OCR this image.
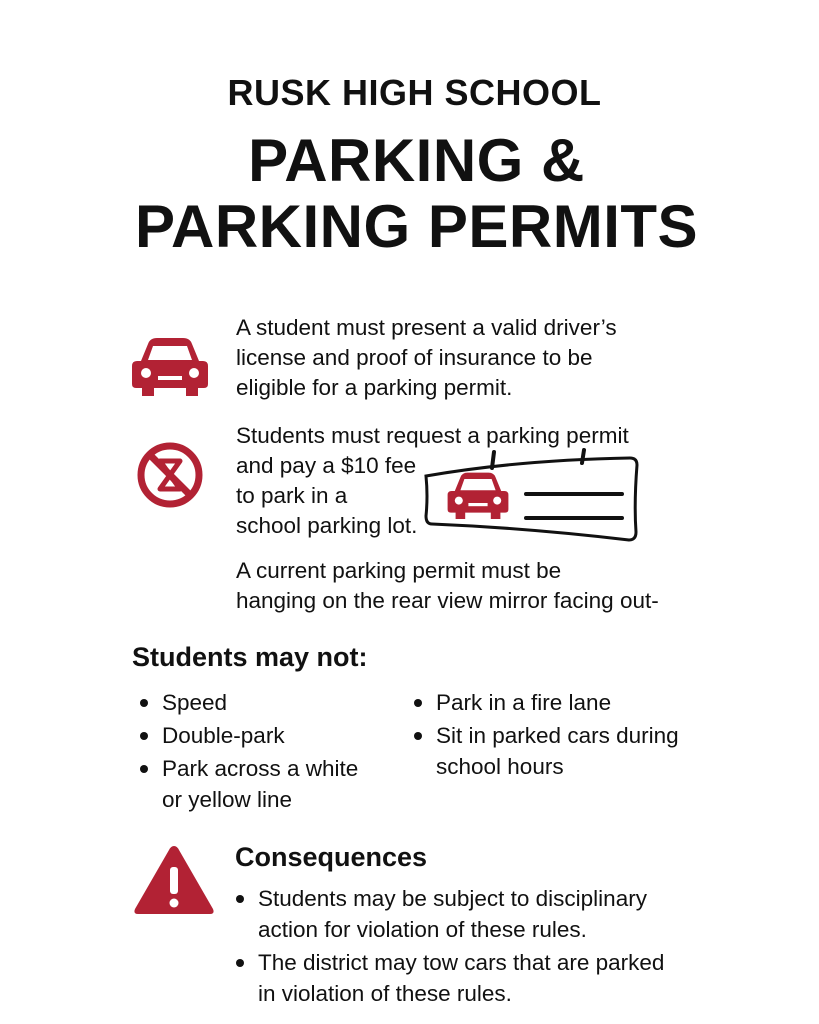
RUSK HIGH SCHOOL
PARKING &
PARKING PERMITS

A student must present a valid driver’s
license and proof of insurance to be
eligible for a parking permit.

Students must request a parking permit
and pay a $10 fee
to park in a
school parking lot.

A current parking permit must be
hanging on the rear view mirror facing out-

Students may not:
Speed
Double-park
Park across a white
or yellow line
Park in a fire lane
Sit in parked cars during
school hours
Consequences
Students may be subject to disciplinary
action for violation of these rules.
The district may tow cars that are parked
in violation of these rules.
